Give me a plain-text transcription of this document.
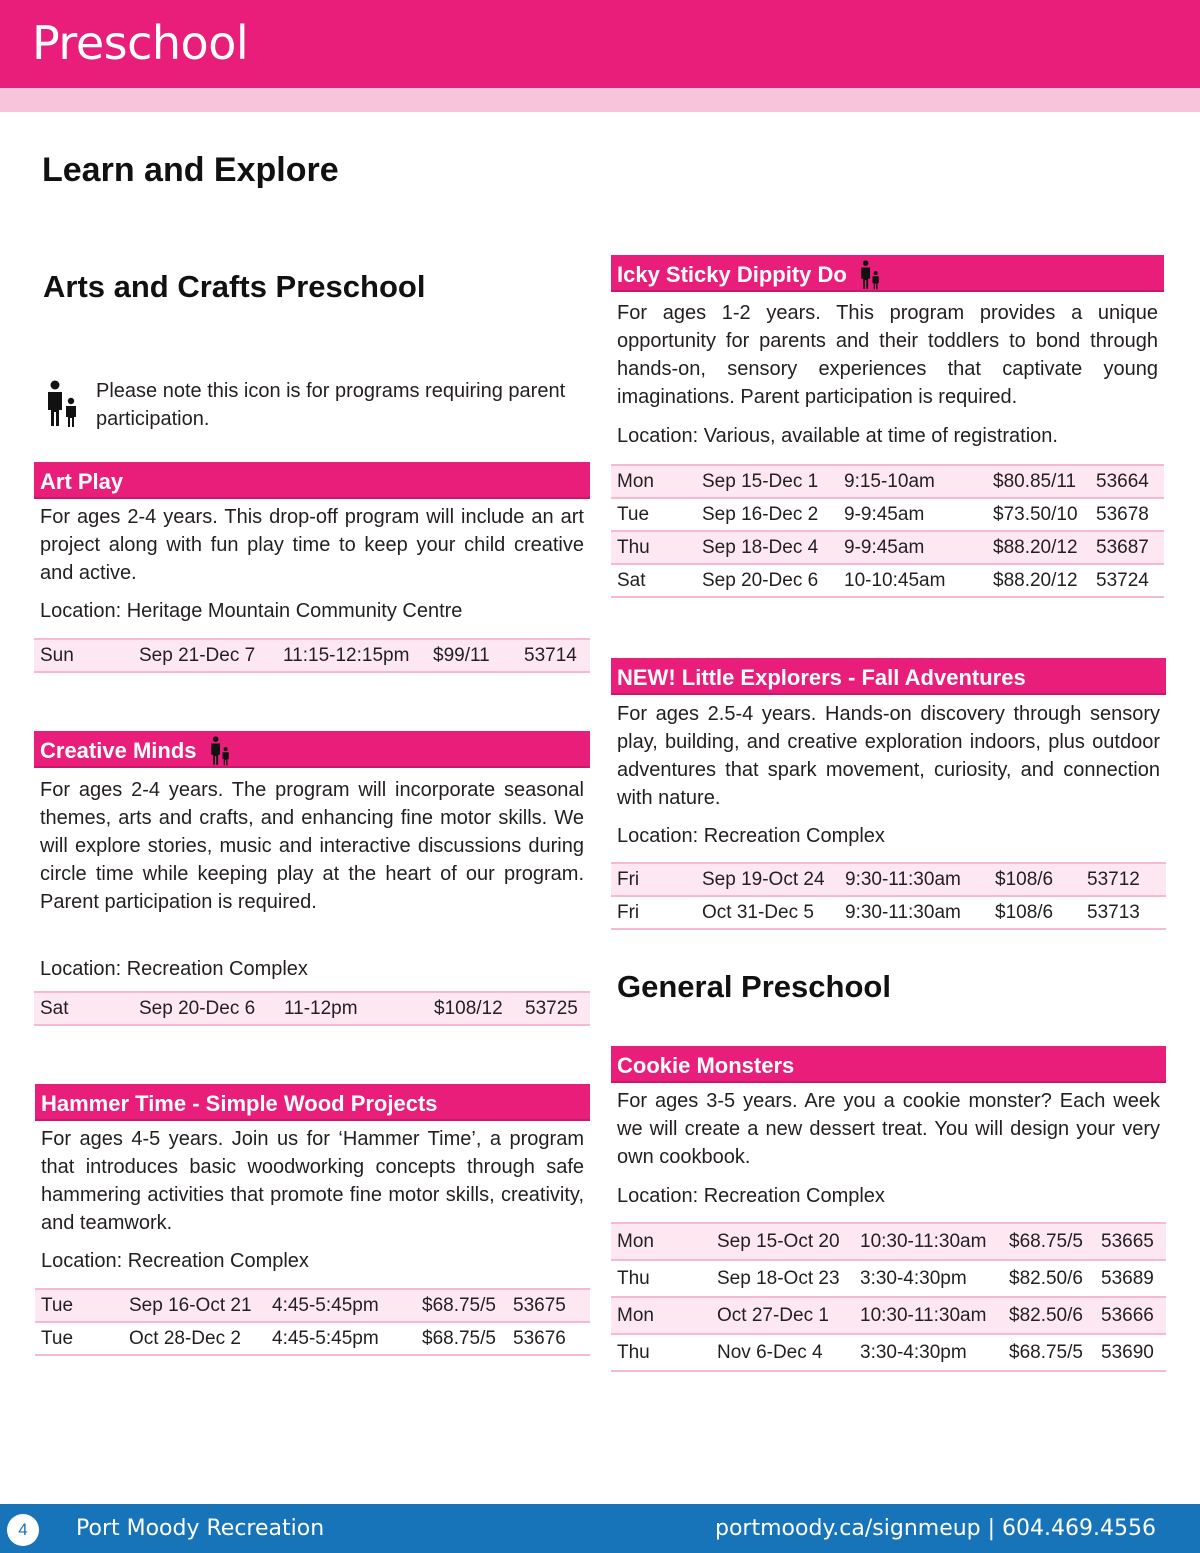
Preschool
Learn and Explore
Arts and Crafts Preschool
Please note this icon is for programs requiring parent participation.
Art Play
For ages 2-4 years. This drop-off program will include an art project along with fun play time to keep your child creative and active.
Location: Heritage Mountain Community Centre
Sun	Sep 21-Dec 7	11:15-12:15pm	$99/11	53714
Creative Minds
For ages 2-4 years. The program will incorporate seasonal themes, arts and crafts, and enhancing fine motor skills. We will explore stories, music and interactive discussions during circle time while keeping play at the heart of our program. Parent participation is required.
Location: Recreation Complex
Sat	Sep 20-Dec 6	11-12pm	$108/12	53725
Hammer Time - Simple Wood Projects
For ages 4-5 years. Join us for ‘Hammer Time’, a program that introduces basic woodworking concepts through safe hammering activities that promote fine motor skills, creativity, and teamwork.
Location: Recreation Complex
Tue	Sep 16-Oct 21	4:45-5:45pm	$68.75/5	53675
Tue	Oct 28-Dec 2	4:45-5:45pm	$68.75/5	53676
Icky Sticky Dippity Do
For ages 1-2 years. This program provides a unique opportunity for parents and their toddlers to bond through hands-on, sensory experiences that captivate young imaginations. Parent participation is required.
Location: Various, available at time of registration.
Mon	Sep 15-Dec 1	9:15-10am	$80.85/11	53664
Tue	Sep 16-Dec 2	9-9:45am	$73.50/10	53678
Thu	Sep 18-Dec 4	9-9:45am	$88.20/12	53687
Sat	Sep 20-Dec 6	10-10:45am	$88.20/12	53724
NEW! Little Explorers - Fall Adventures
For ages 2.5-4 years. Hands-on discovery through sensory play, building, and creative exploration indoors, plus outdoor adventures that spark movement, curiosity, and connection with nature.
Location: Recreation Complex
Fri	Sep 19-Oct 24	9:30-11:30am	$108/6	53712
Fri	Oct 31-Dec 5	9:30-11:30am	$108/6	53713
General Preschool
Cookie Monsters
For ages 3-5 years. Are you a cookie monster? Each week we will create a new dessert treat. You will design your very own cookbook.
Location: Recreation Complex
Mon	Sep 15-Oct 20	10:30-11:30am	$68.75/5	53665
Thu	Sep 18-Oct 23	3:30-4:30pm	$82.50/6	53689
Mon	Oct 27-Dec 1	10:30-11:30am	$82.50/6	53666
Thu	Nov 6-Dec 4	3:30-4:30pm	$68.75/5	53690
4	Port Moody Recreation	portmoody.ca/signmeup | 604.469.4556
